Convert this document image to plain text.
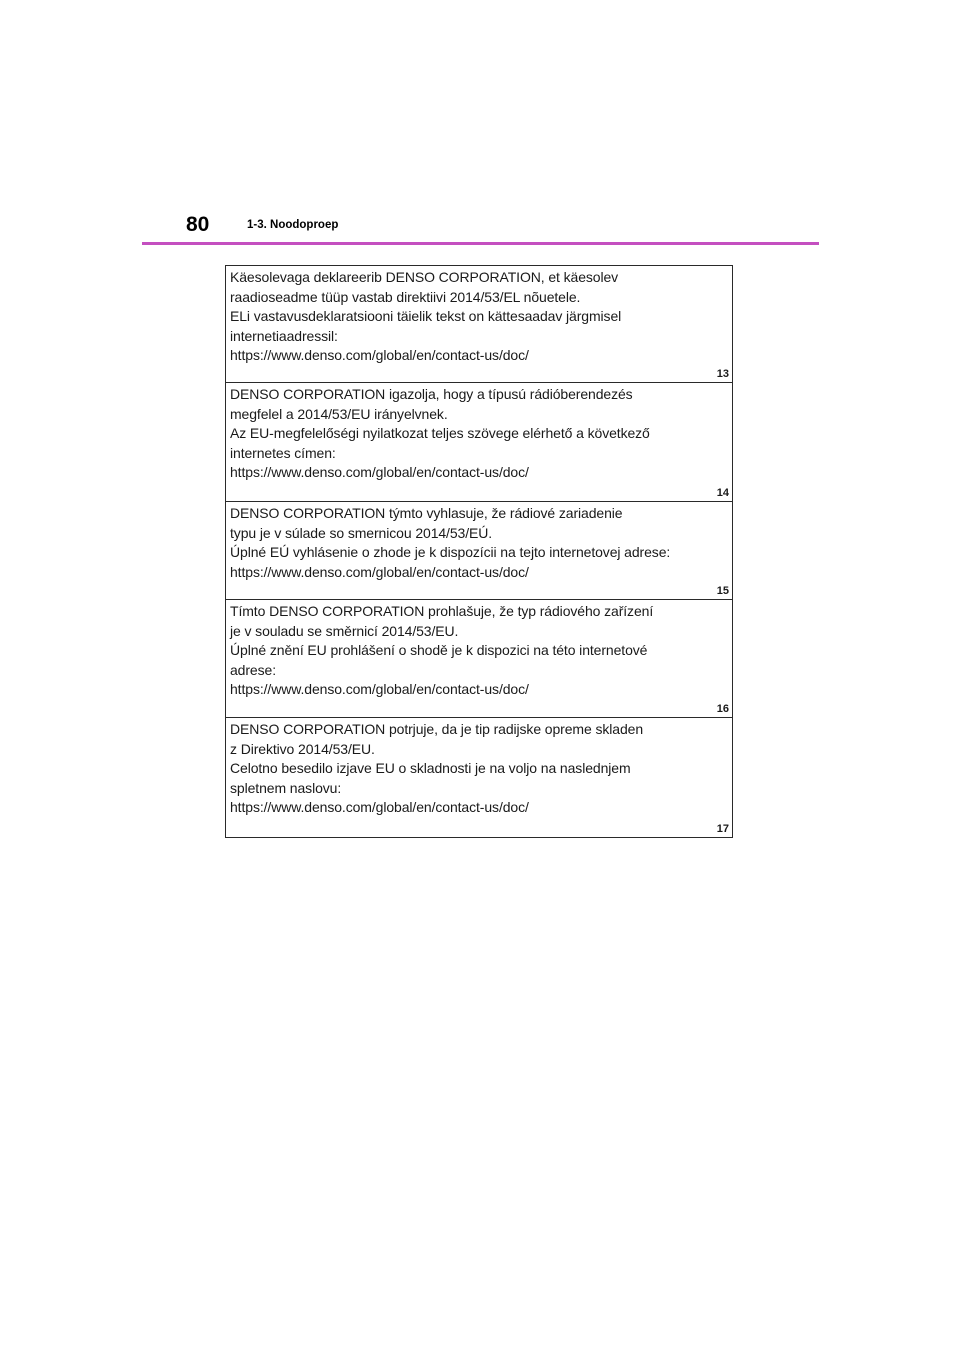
80	1-3. Noodoproep
Käesolevaga deklareerib DENSO CORPORATION, et käesolev
raadioseadme tüüp vastab direktiivi 2014/53/EL nõuetele.
ELi vastavusdeklaratsiooni täielik tekst on kättesaadav järgmisel
internetiaadressil:
https://www.denso.com/global/en/contact-us/doc/
13
DENSO CORPORATION igazolja, hogy a típusú rádióberendezés
megfelel a 2014/53/EU irányelvnek.
Az EU-megfelelőségi nyilatkozat teljes szövege elérhető a következő
internetes címen:
https://www.denso.com/global/en/contact-us/doc/
14
DENSO CORPORATION týmto vyhlasuje, že rádiové zariadenie
typu je v súlade so smernicou 2014/53/EÚ.
Úplné EÚ vyhlásenie o zhode je k dispozícii na tejto internetovej adrese:
https://www.denso.com/global/en/contact-us/doc/
15
Tímto DENSO CORPORATION prohlašuje, že typ rádiového zařízení
je v souladu se směrnicí 2014/53/EU.
Úplné znění EU prohlášení o shodě je k dispozici na této internetové
adrese:
https://www.denso.com/global/en/contact-us/doc/
16
DENSO CORPORATION potrjuje, da je tip radijske opreme skladen
z Direktivo 2014/53/EU.
Celotno besedilo izjave EU o skladnosti je na voljo na naslednjem
spletnem naslovu:
https://www.denso.com/global/en/contact-us/doc/
17
